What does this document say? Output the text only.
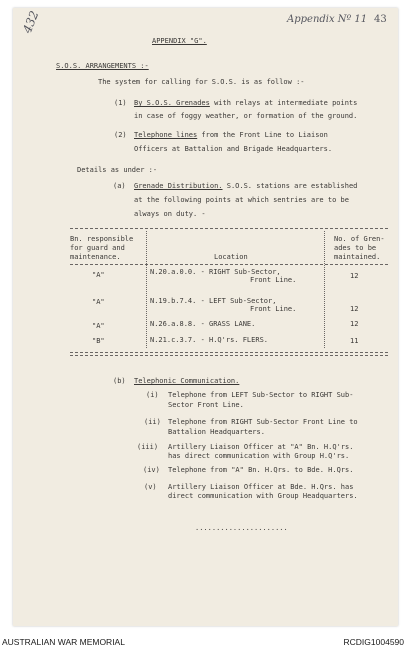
432	Appendix Nº 11 43
APPENDIX "G".
S.O.S. ARRANGEMENTS :-
The system for calling for S.O.S. is as follow :-
(1) By S.O.S. Grenades with relays at intermediate points
in case of foggy weather, or formation of the ground.
(2) Telephone lines from the Front Line to Liaison
Officers at Battalion and Brigade Headquarters.
Details as under :-
(a) Grenade Distribution. S.O.S. stations are established
at the following points at which sentries are to be
always on duty. -
Bn. responsible
for guard and
maintenance.	Location
No. of Gren-
ades to be
maintained.
"A"	N.20.a.0.0. - RIGHT Sub-Sector,
Front Line.	12
"A"	N.19.b.7.4. - LEFT Sub-Sector,
Front Line.	12
"A"	N.26.a.8.8. - GRASS LANE.	12
"B"	N.21.c.3.7. - H.Q'rs. FLERS.	11
(b) Telephonic Communication.
(i) Telephone from LEFT Sub-Sector to RIGHT Sub-
Sector Front Line.
(ii) Telephone from RIGHT Sub-Sector Front Line to
Battalion Headquarters.
(iii) Artillery Liaison Officer at "A" Bn. H.Q'rs.
has direct communication with Group H.Q'rs.
(iv) Telephone from "A" Bn. H.Qrs. to Bde. H.Qrs.
(v) Artillery Liaison Officer at Bde. H.Qrs. has
direct communication with Group Headquarters.
......................
AUSTRALIAN WAR MEMORIAL	RCDIG1004590
